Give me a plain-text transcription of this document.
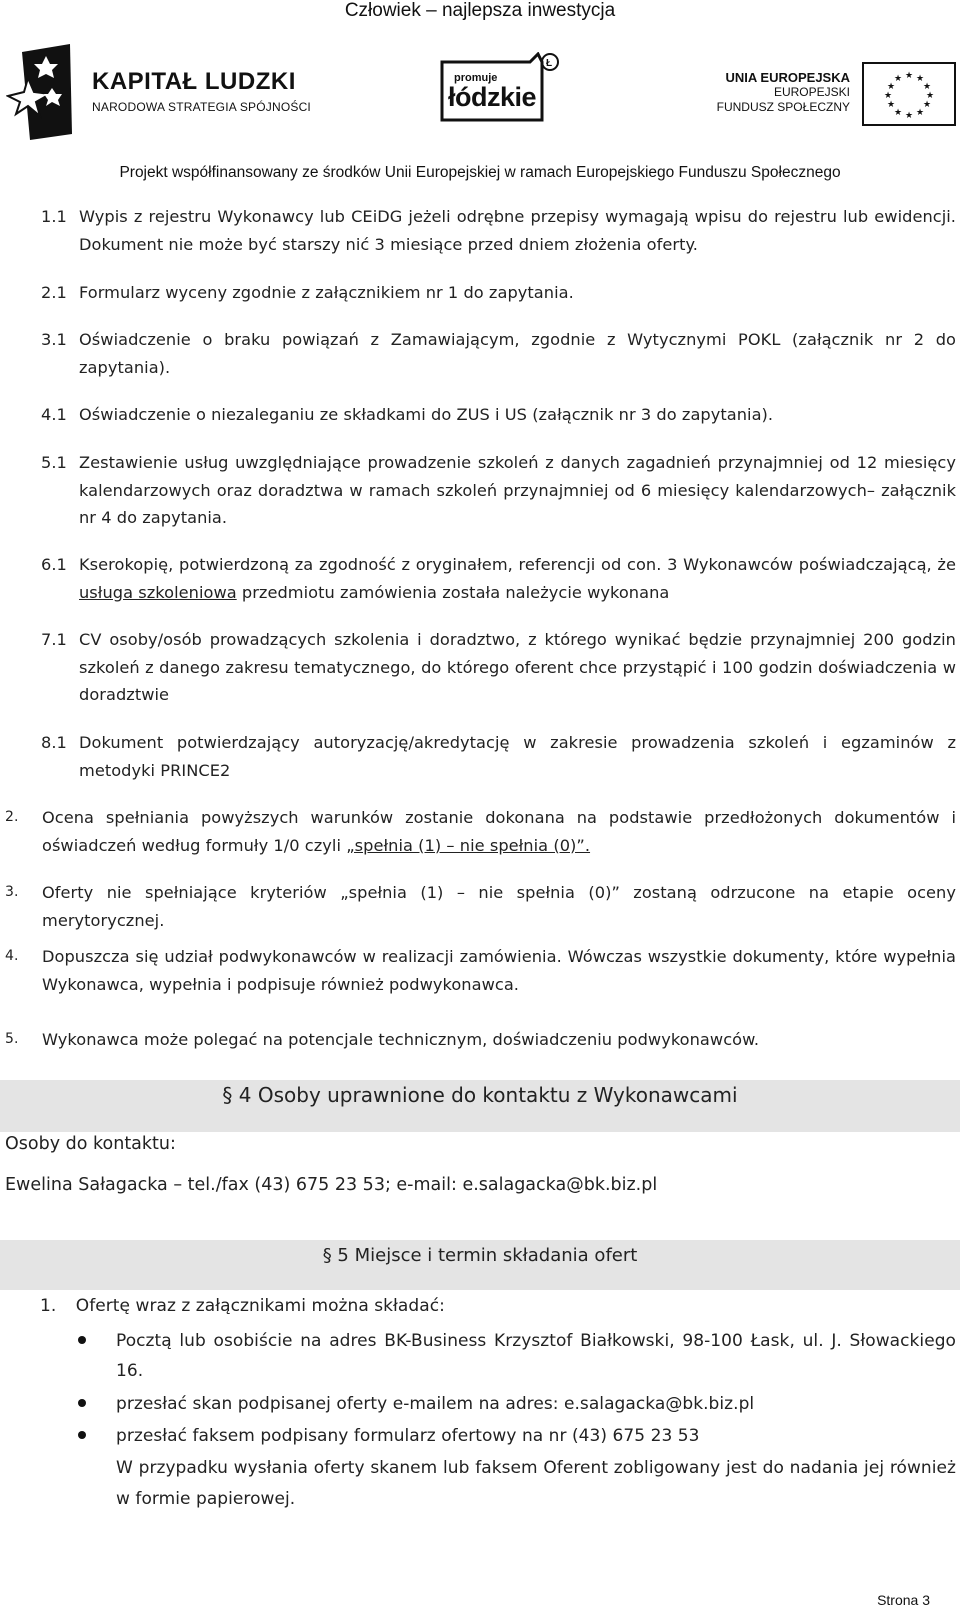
Człowiek – najlepsza inwestycja
KAPITAŁ LUDZKI
NARODOWA STRATEGIA SPÓJNOŚCI
Ł
promuje
łódzkie
UNIA EUROPEJSKA
EUROPEJSKI
FUNDUSZ SPOŁECZNY
★ ★
★
★
★
★
★
★
★
★
★
★
Projekt współfinansowany ze środków Unii Europejskiej w ramach Europejskiego Funduszu Społecznego
1.1 Wypis z rejestru Wykonawcy lub CEiDG jeżeli odrębne przepisy wymagają wpisu do rejestru lub ewidencji. Dokument nie może być starszy nić 3 miesiące przed dniem złożenia oferty.
2.1 Formularz wyceny zgodnie z załącznikiem nr 1 do zapytania.
3.1 Oświadczenie o braku powiązań z Zamawiającym, zgodnie z Wytycznymi POKL (załącznik nr 2 do zapytania).
4.1 Oświadczenie o niezaleganiu ze składkami do ZUS i US (załącznik nr 3 do zapytania).
5.1 Zestawienie usług uwzględniające prowadzenie szkoleń z danych zagadnień przynajmniej od 12 miesięcy kalendarzowych oraz doradztwa w ramach szkoleń przynajmniej od 6 miesięcy kalendarzowych– załącznik nr 4 do zapytania.
6.1 Kserokopię, potwierdzoną za zgodność z oryginałem, referencji od con. 3 Wykonawców poświadczającą, że usługa szkoleniowa przedmiotu zamówienia została należycie wykonana
7.1 CV osoby/osób prowadzących szkolenia i doradztwo, z którego wynikać będzie przynajmniej 200 godzin szkoleń z danego zakresu tematycznego, do którego oferent chce przystąpić i 100 godzin doświadczenia w doradztwie
8.1 Dokument potwierdzający autoryzację/akredytację w zakresie prowadzenia szkoleń i egzaminów z metodyki PRINCE2
2. Ocena spełniania powyższych warunków zostanie dokonana na podstawie przedłożonych dokumentów i oświadczeń według formuły 1/0 czyli „spełnia (1) – nie spełnia (0)”.
3. Oferty nie spełniające kryteriów „spełnia (1) – nie spełnia (0)” zostaną odrzucone na etapie oceny merytorycznej.
4. Dopuszcza się udział podwykonawców w realizacji zamówienia. Wówczas wszystkie dokumenty, które wypełnia Wykonawca, wypełnia i podpisuje również podwykonawca.
5. Wykonawca może polegać na potencjale technicznym, doświadczeniu podwykonawców.
§ 4 Osoby uprawnione do kontaktu z Wykonawcami
Osoby do kontaktu:
Ewelina Sałagacka – tel./fax (43) 675 23 53; e-mail: e.salagacka@bk.biz.pl
§ 5 Miejsce i termin składania ofert
1. Ofertę wraz z załącznikami można składać:
Pocztą lub osobiście na adres BK-Business Krzysztof Białkowski, 98-100 Łask, ul. J. Słowackiego 16.
przesłać skan podpisanej oferty e-mailem na adres: e.salagacka@bk.biz.pl
przesłać faksem podpisany formularz ofertowy na nr (43) 675 23 53
W przypadku wysłania oferty skanem lub faksem Oferent zobligowany jest do nadania jej również w formie papierowej.
Strona 3
